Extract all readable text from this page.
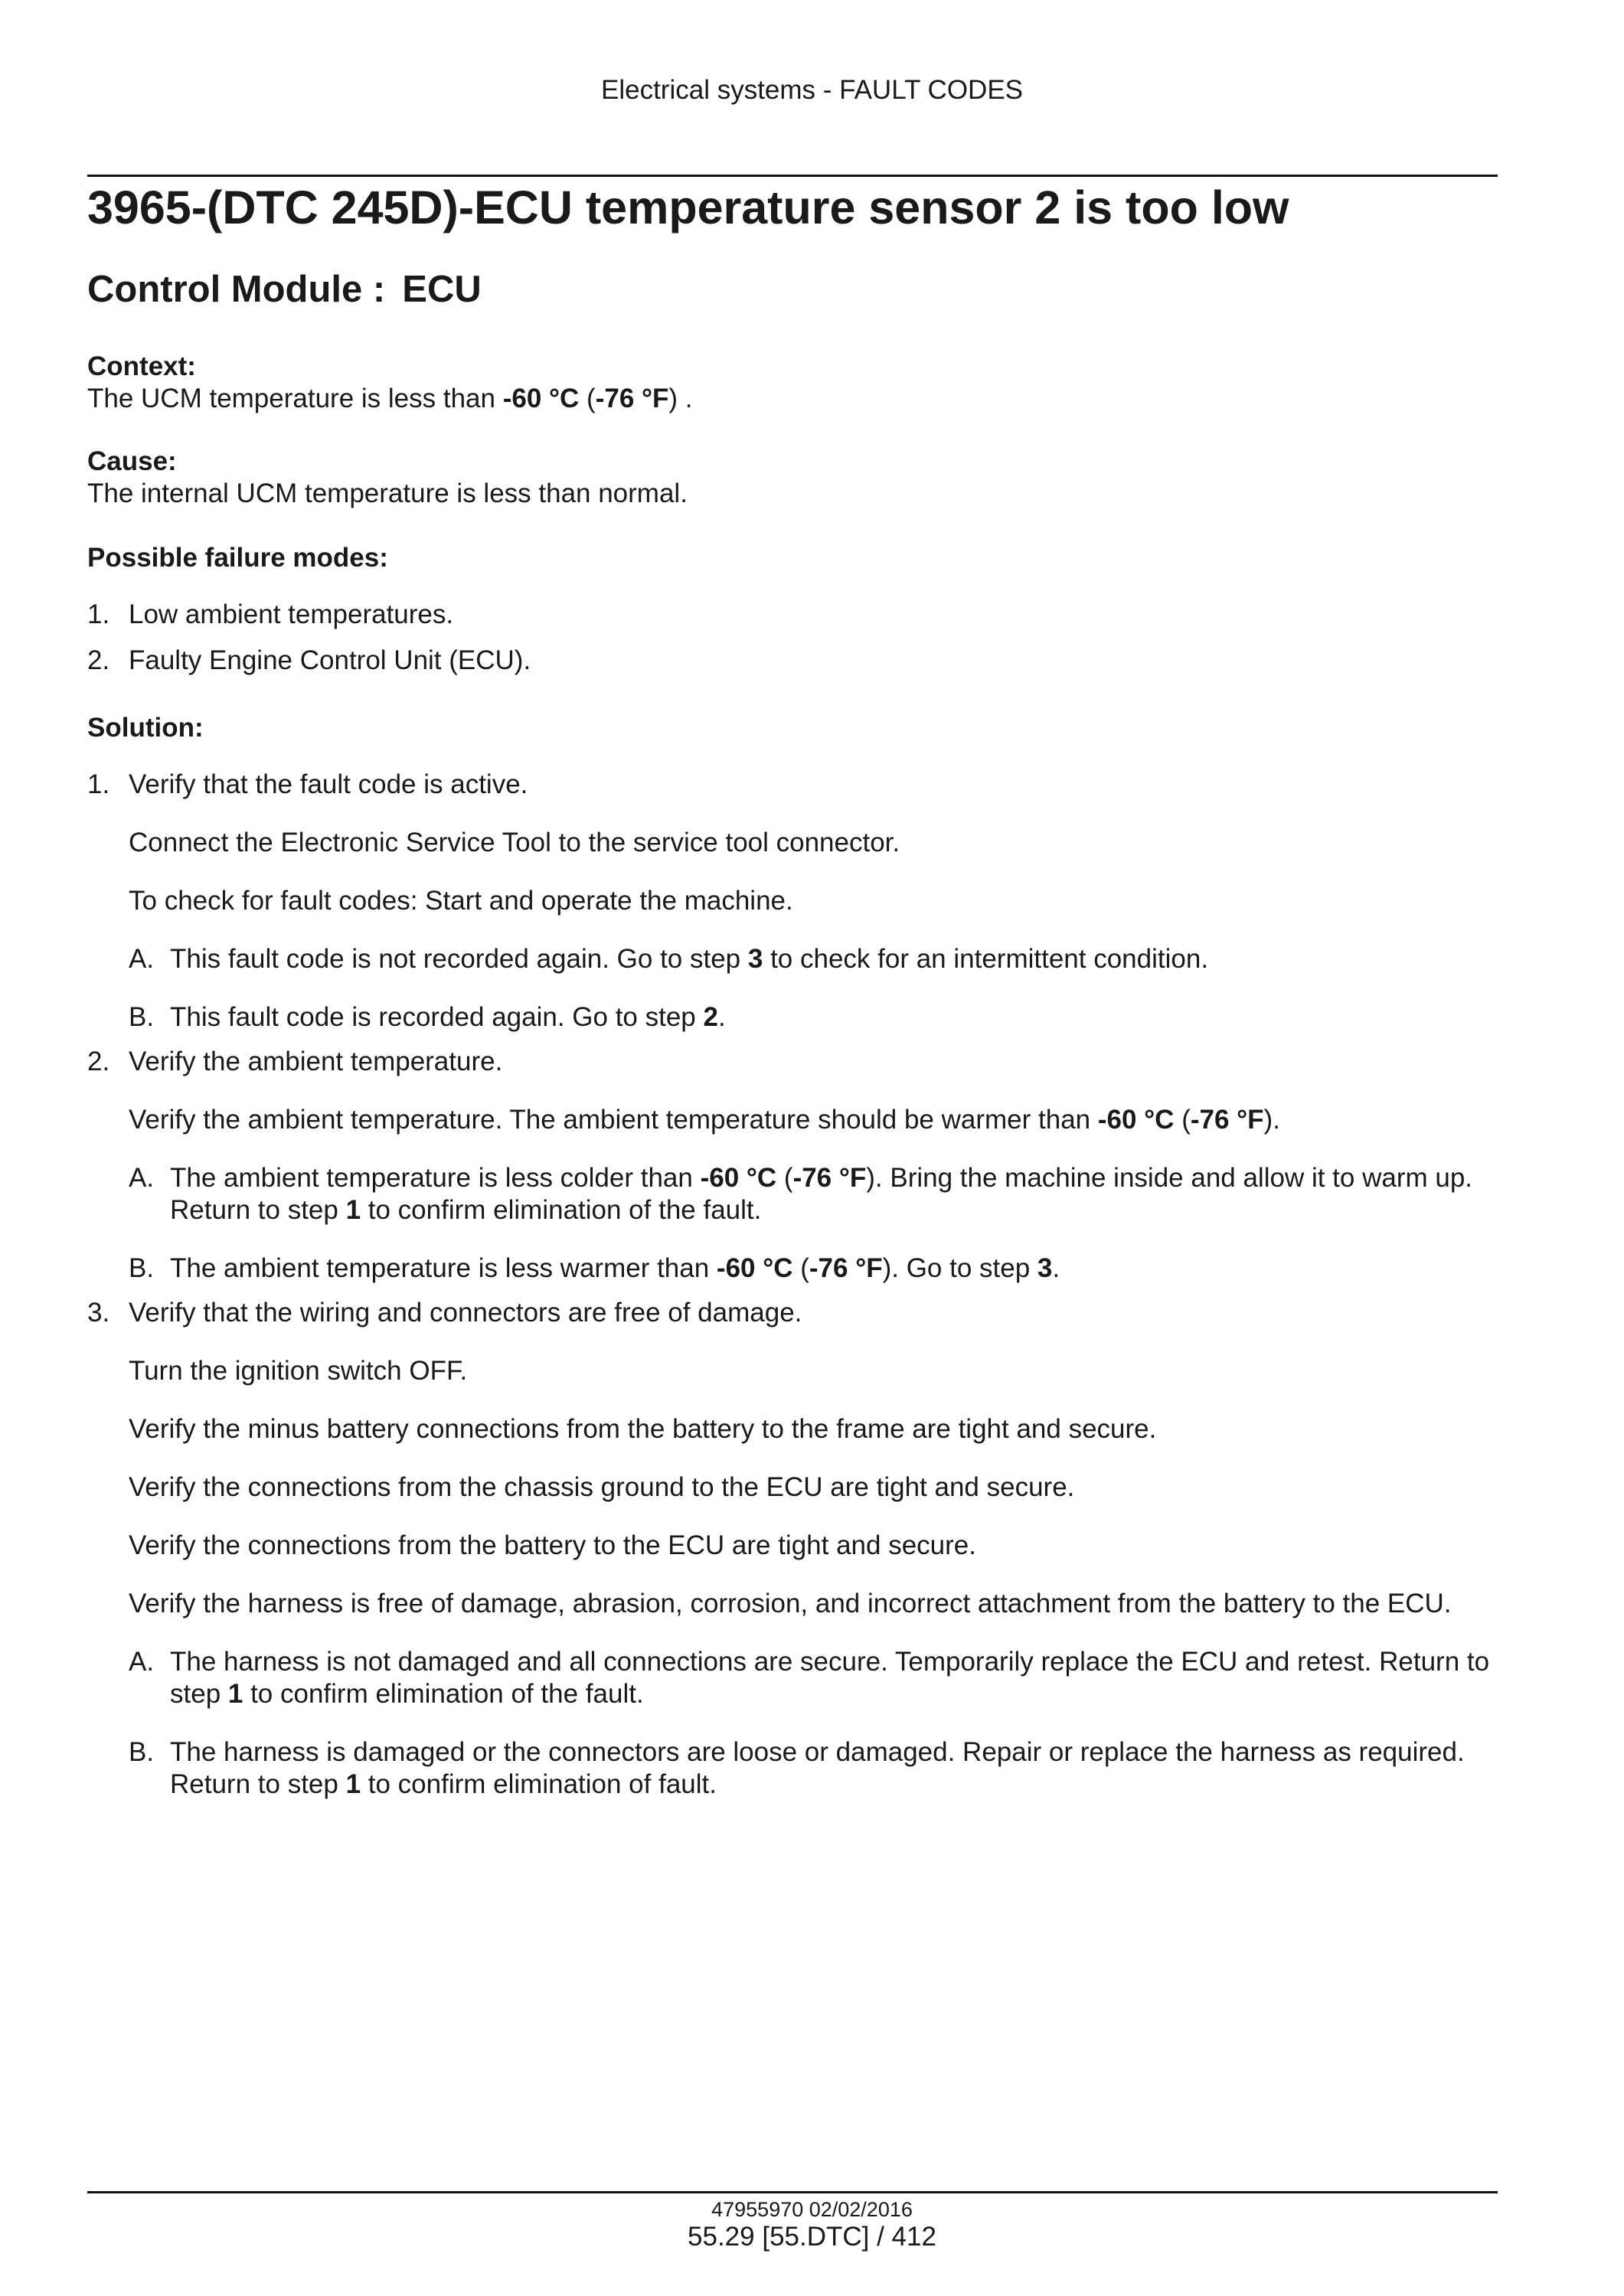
Electrical systems - FAULT CODES
3965-(DTC 245D)-ECU temperature sensor 2 is too low
Control Module : ECU
Context:
The UCM temperature is less than -60 °C (-76 °F) .
Cause:
The internal UCM temperature is less than normal.
Possible failure modes:
1. Low ambient temperatures.
2. Faulty Engine Control Unit (ECU).
Solution:
1. Verify that the fault code is active.
Connect the Electronic Service Tool to the service tool connector.
To check for fault codes: Start and operate the machine.
A. This fault code is not recorded again. Go to step 3 to check for an intermittent condition.
B. This fault code is recorded again. Go to step 2.
2. Verify the ambient temperature.
Verify the ambient temperature. The ambient temperature should be warmer than -60 °C (-76 °F).
A. The ambient temperature is less colder than -60 °C (-76 °F). Bring the machine inside and allow it to warm up. Return to step 1 to confirm elimination of the fault.
B. The ambient temperature is less warmer than -60 °C (-76 °F). Go to step 3.
3. Verify that the wiring and connectors are free of damage.
Turn the ignition switch OFF.
Verify the minus battery connections from the battery to the frame are tight and secure.
Verify the connections from the chassis ground to the ECU are tight and secure.
Verify the connections from the battery to the ECU are tight and secure.
Verify the harness is free of damage, abrasion, corrosion, and incorrect attachment from the battery to the ECU.
A. The harness is not damaged and all connections are secure. Temporarily replace the ECU and retest. Return to step 1 to confirm elimination of the fault.
B. The harness is damaged or the connectors are loose or damaged. Repair or replace the harness as required. Return to step 1 to confirm elimination of fault.
47955970 02/02/2016
55.29 [55.DTC] / 412
